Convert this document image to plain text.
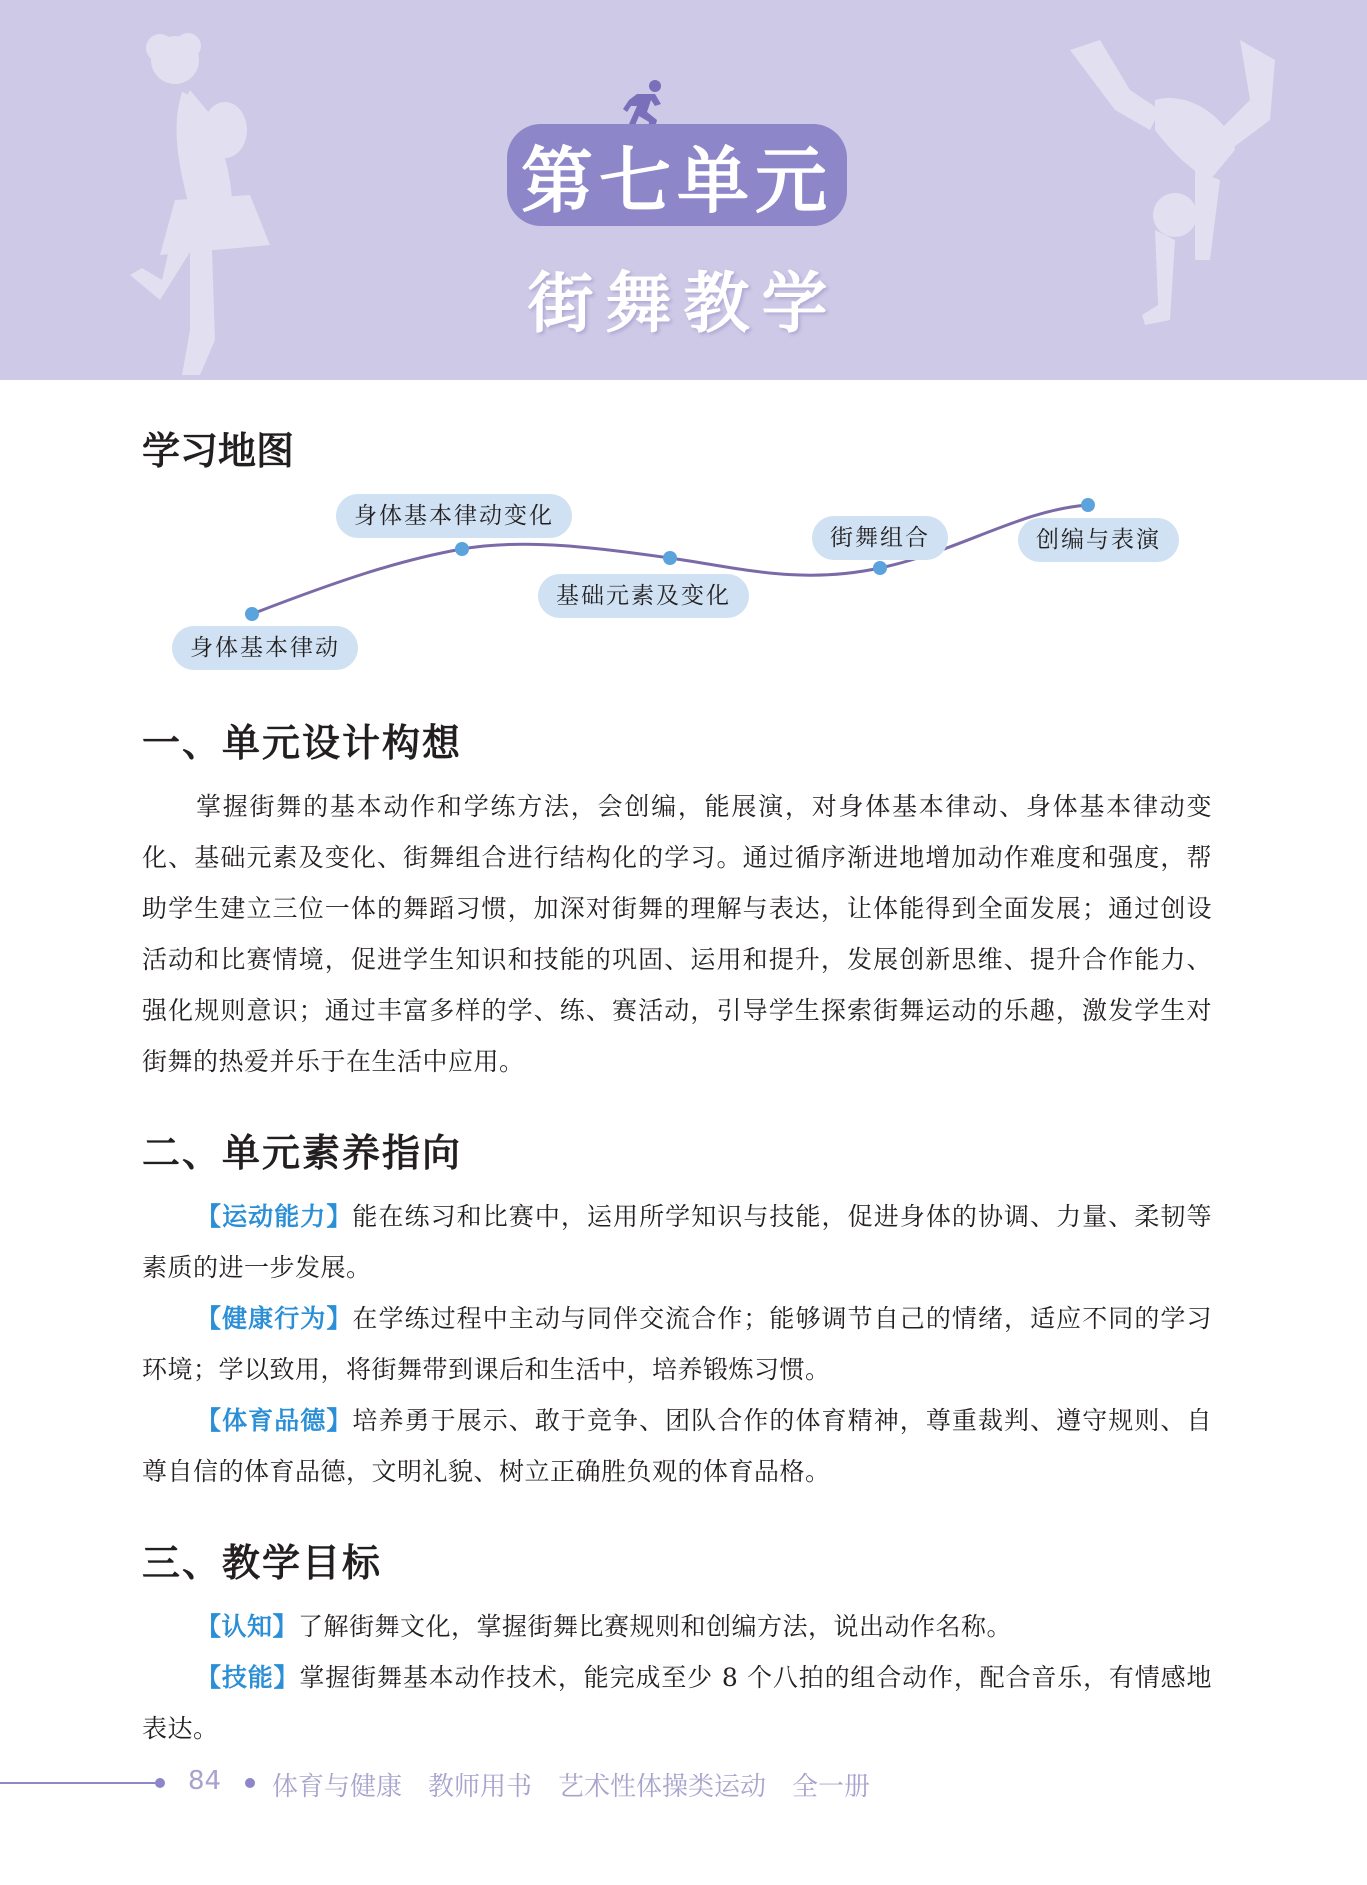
第七单元
街舞教学
学习地图
身体基本律动
身体基本律动变化
基础元素及变化
街舞组合	创编与表演
一、单元设计构想

掌握街舞的基本动作和学练方法，会创编，能展演，对身体基本律动、身体基本律动变化、基础元素及变化、街舞组合进行结构化的学习。通过循序渐进地增加动作难度和强度，帮助学生建立三位一体的舞蹈习惯，加深对街舞的理解与表达，让体能得到全面发展；通过创设活动和比赛情境，促进学生知识和技能的巩固、运用和提升，发展创新思维、提升合作能力、强化规则意识；通过丰富多样的学、练、赛活动，引导学生探索街舞运动的乐趣，激发学生对街舞的热爱并乐于在生活中应用。

二、单元素养指向

【运动能力】能在练习和比赛中，运用所学知识与技能，促进身体的协调、力量、柔韧等素质的进一步发展。

【健康行为】在学练过程中主动与同伴交流合作；能够调节自己的情绪，适应不同的学习环境；学以致用，将街舞带到课后和生活中，培养锻炼习惯。

【体育品德】培养勇于展示、敢于竞争、团队合作的体育精神，尊重裁判、遵守规则、自尊自信的体育品德，文明礼貌、树立正确胜负观的体育品格。

三、教学目标

【认知】了解街舞文化，掌握街舞比赛规则和创编方法，说出动作名称。

【技能】掌握街舞基本动作技术，能完成至少 8 个八拍的组合动作，配合音乐，有情感地表达。

84 体育与健康　教师用书　艺术性体操类运动　全一册
